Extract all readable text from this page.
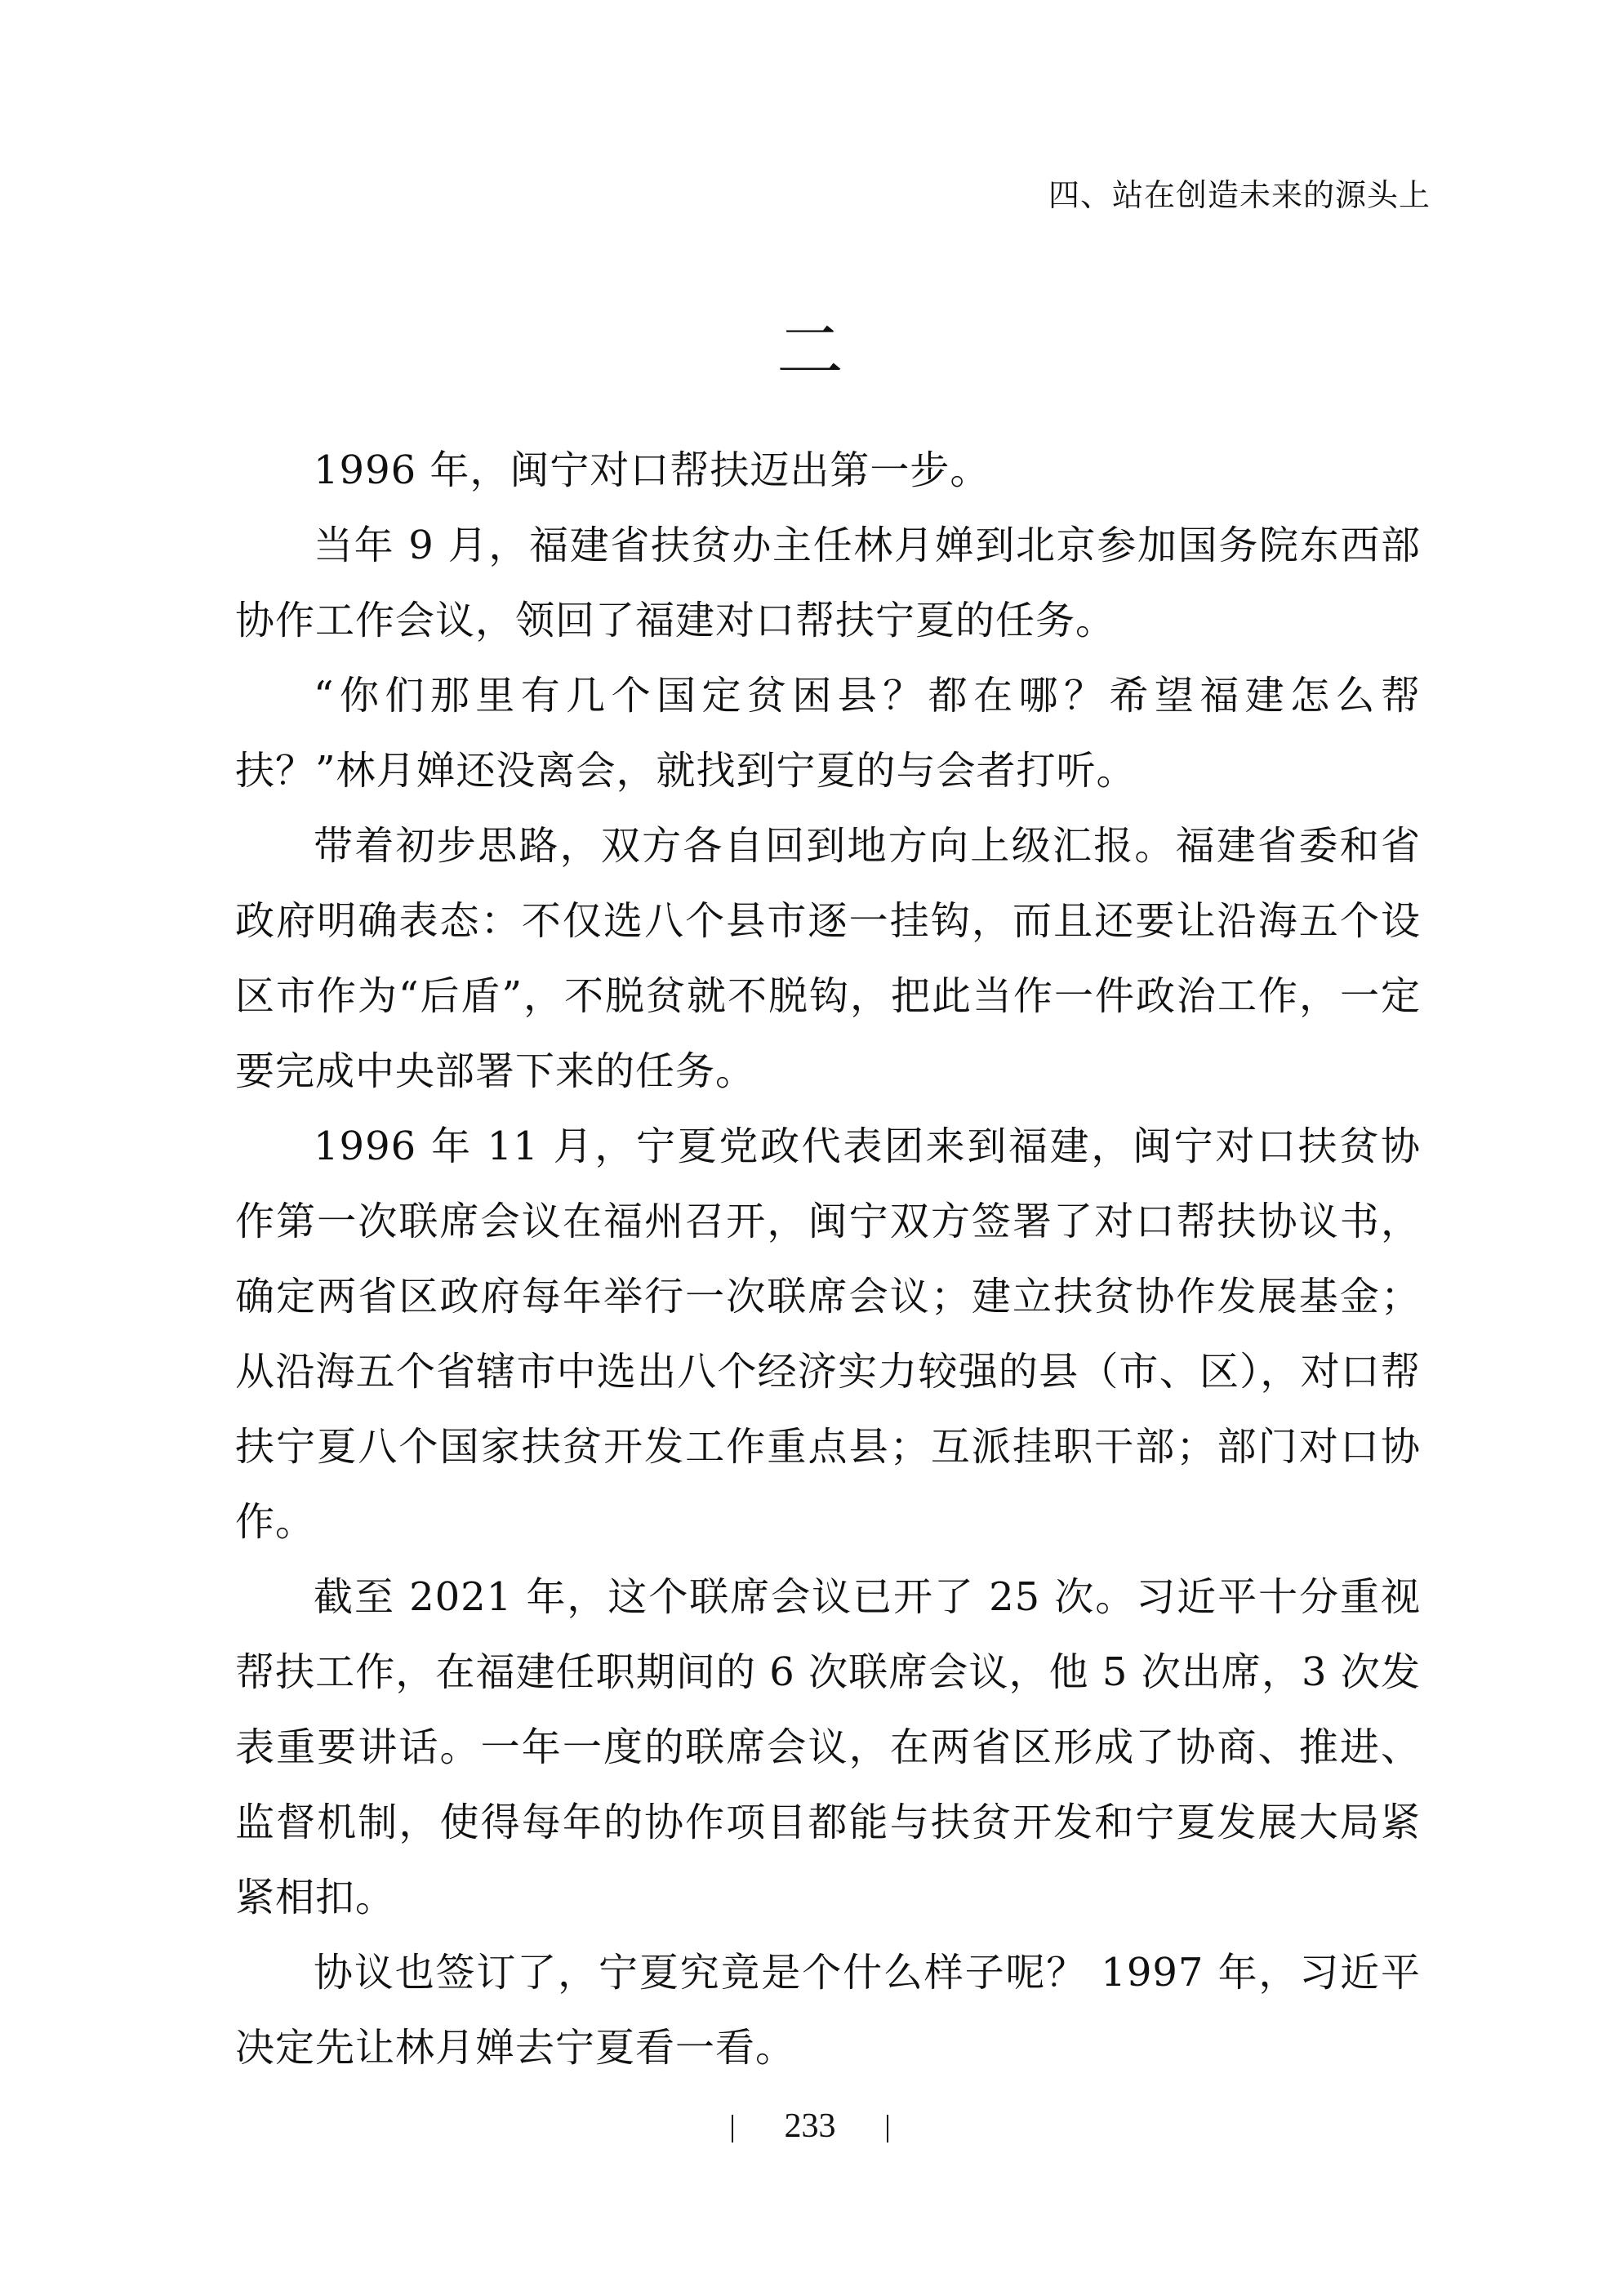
四、站在创造未来的源头上
二

1996 年，闽宁对口帮扶迈出第一步。

当年 9 月，福建省扶贫办主任林月婵到北京参加国务院东西部协作工作会议，领回了福建对口帮扶宁夏的任务。

“你们那里有几个国定贫困县？都在哪？希望福建怎么帮扶？”林月婵还没离会，就找到宁夏的与会者打听。

带着初步思路，双方各自回到地方向上级汇报。福建省委和省政府明确表态：不仅选八个县市逐一挂钩，而且还要让沿海五个设区市作为“后盾”，不脱贫就不脱钩，把此当作一件政治工作，一定要完成中央部署下来的任务。

1996 年 11 月，宁夏党政代表团来到福建，闽宁对口扶贫协作第一次联席会议在福州召开，闽宁双方签署了对口帮扶协议书，确定两省区政府每年举行一次联席会议；建立扶贫协作发展基金；从沿海五个省辖市中选出八个经济实力较强的县（市、区），对口帮扶宁夏八个国家扶贫开发工作重点县；互派挂职干部；部门对口协作。

截至 2021 年，这个联席会议已开了 25 次。习近平十分重视帮扶工作，在福建任职期间的 6 次联席会议，他 5 次出席，3 次发表重要讲话。一年一度的联席会议，在两省区形成了协商、推进、监督机制，使得每年的协作项目都能与扶贫开发和宁夏发展大局紧紧相扣。

协议也签订了，宁夏究竟是个什么样子呢？ 1997 年，习近平决定先让林月婵去宁夏看一看。

233
